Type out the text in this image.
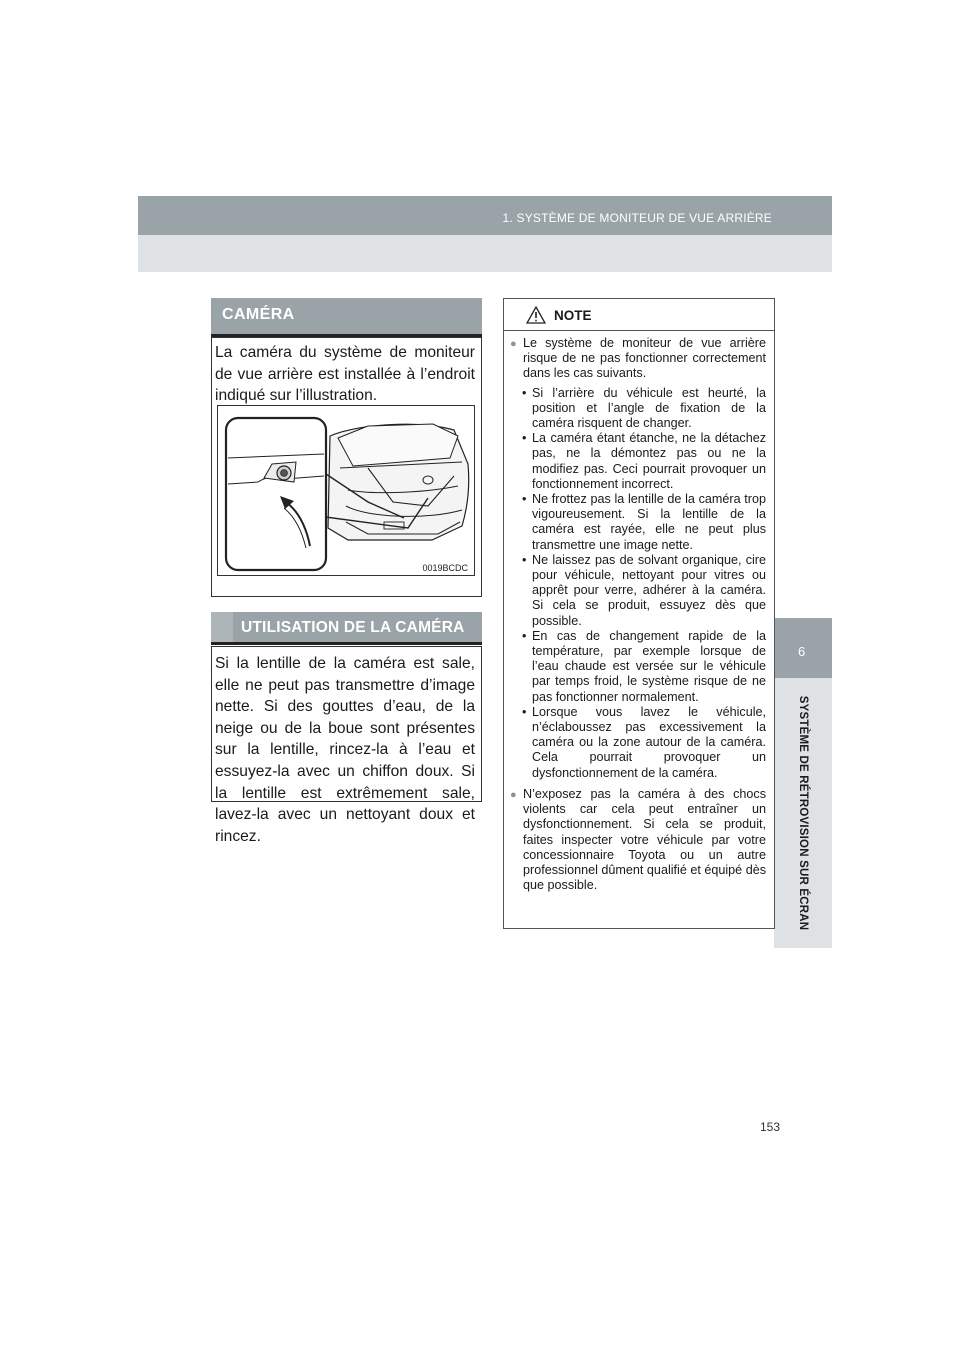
1. SYSTÈME DE MONITEUR DE VUE ARRIÈRE
6
SYSTÈME DE RÉTROVISION SUR ÉCRAN
CAMÉRA

La caméra du système de moniteur de vue arrière est installée à l’endroit indiqué sur l’illustration.

0019BCDC
UTILISATION DE LA CAMÉRA

Si la lentille de la caméra est sale, elle ne peut pas transmettre d’image nette. Si des gouttes d’eau, de la neige ou de la boue sont présentes sur la lentille, rincez-la à l’eau et essuyez-la avec un chiffon doux. Si la lentille est extrêmement sale, lavez-la avec un nettoyant doux et rincez.

NOTE
● Le système de moniteur de vue arrière risque de ne pas fonctionner correctement dans les cas suivants.
• Si l’arrière du véhicule est heurté, la position et l’angle de fixation de la caméra risquent de changer.
• La caméra étant étanche, ne la détachez pas, ne la démontez pas ou ne la modifiez pas. Ceci pourrait provoquer un fonctionnement incorrect.
• Ne frottez pas la lentille de la caméra trop vigoureusement. Si la lentille de la caméra est rayée, elle ne peut plus transmettre une image nette.
• Ne laissez pas de solvant organique, cire pour véhicule, nettoyant pour vitres ou apprêt pour verre, adhérer à la caméra. Si cela se produit, essuyez dès que possible.
• En cas de changement rapide de la température, par exemple lorsque de l’eau chaude est versée sur le véhicule par temps froid, le système risque de ne pas fonctionner normalement.
• Lorsque vous lavez le véhicule, n’éclaboussez pas excessivement la caméra ou la zone autour de la caméra. Cela pourrait provoquer un dysfonctionnement de la caméra.
● N’exposez pas la caméra à des chocs violents car cela peut entraîner un dysfonctionnement. Si cela se produit, faites inspecter votre véhicule par votre concessionnaire Toyota ou un autre professionnel dûment qualifié et équipé dès que possible.
153
